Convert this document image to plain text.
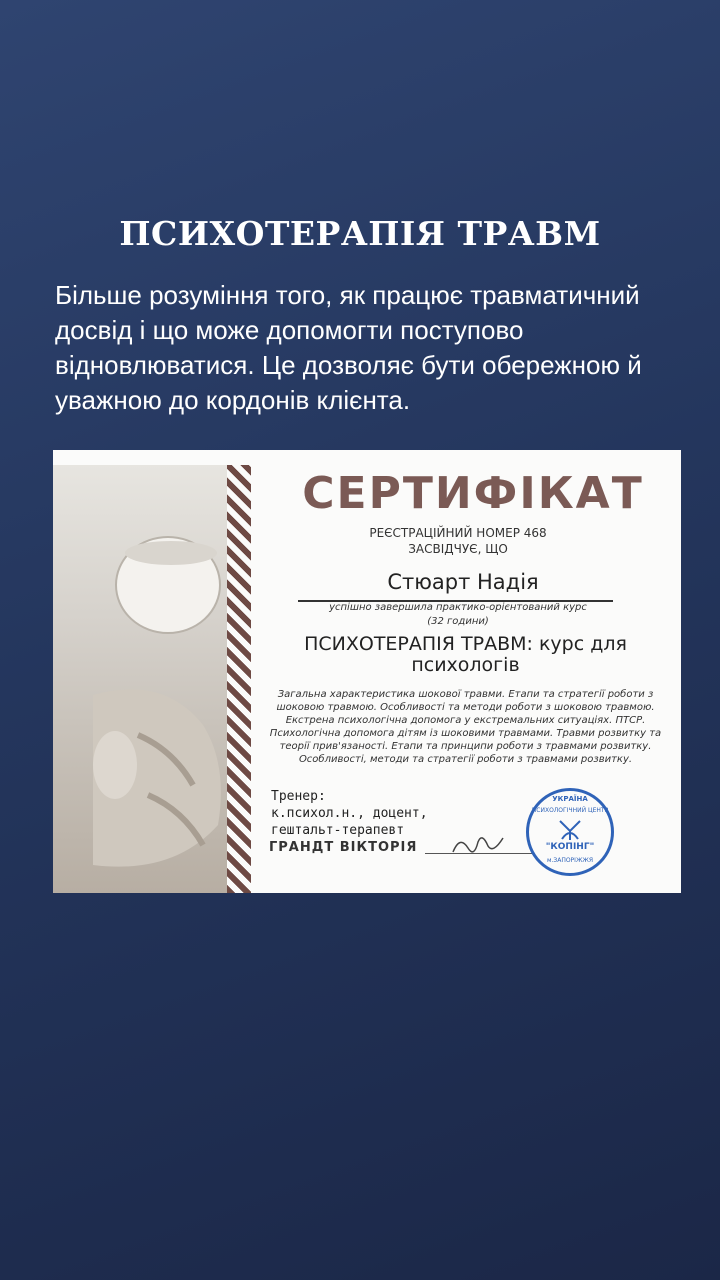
ПСИХОТЕРАПІЯ ТРАВМ
Більше розуміння того, як працює травматичний досвід і що може допомогти поступово відновлюватися. Це дозволяє бути обережною й уважною до кордонів клієнта.
СЕРТИФІКАТ
РЕЄСТРАЦІЙНИЙ НОМЕР 468
ЗАСВІДЧУЄ, ЩО
Стюарт Надія
успішно завершила практико-орієнтований курс
(32 години)
ПСИХОТЕРАПІЯ ТРАВМ: курс для психологів
Загальна характеристика шокової травми. Етапи та стратегії роботи з шоковою травмою. Особливості та методи роботи з шоковою травмою. Екстрена психологічна допомога у екстремальних ситуаціях. ПТСР. Психологічна допомога дітям із шоковими травмами. Травми розвитку та теорії прив'язаності. Етапи та принципи роботи з травмами розвитку. Особливості, методи та стратегії роботи з травмами розвитку.
Тренер:
к.психол.н., доцент,
гештальт-терапевт
ГРАНДТ ВІКТОРІЯ
УКРАЇНА
ПСИХОЛОГІЧНИЙ ЦЕНТР
"КОПІНГ"
м.ЗАПОРІЖЖЯ
